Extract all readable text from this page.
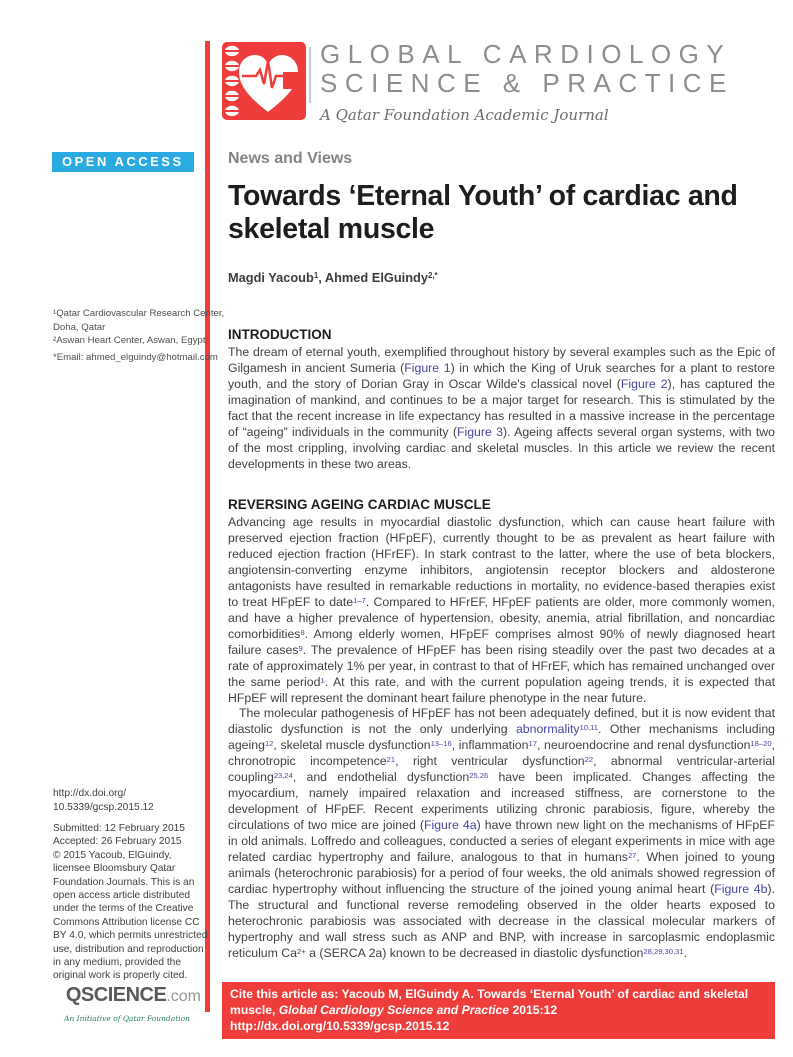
GLOBAL CARDIOLOGY
SCIENCE & PRACTICE
A Qatar Foundation Academic Journal
OPEN ACCESS
¹Qatar Cardiovascular Research Center,
Doha, Qatar
²Aswan Heart Center, Aswan, Egypt
*Email: ahmed_elguindy@hotmail.com
http://dx.doi.org/
10.5339/gcsp.2015.12
Submitted: 12 February 2015
Accepted: 26 February 2015
© 2015 Yacoub, ElGuindy, licensee Bloomsbury Qatar Foundation Journals. This is an open access article distributed under the terms of the Creative Commons Attribution license CC BY 4.0, which permits unrestricted use, distribution and reproduction in any medium, provided the original work is properly cited.
QSCIENCE.com
An Initiative of Qatar Foundation
News and Views
Towards ‘Eternal Youth’ of cardiac and skeletal muscle
Magdi Yacoub$^1$, Ahmed ElGuindy$^{2,*}$
INTRODUCTION

The dream of eternal youth, exemplified throughout history by several examples such as the Epic of Gilgamesh in ancient Sumeria (Figure 1) in which the King of Uruk searches for a plant to restore youth, and the story of Dorian Gray in Oscar Wilde's classical novel (Figure 2), has captured the imagination of mankind, and continues to be a major target for research. This is stimulated by the fact that the recent increase in life expectancy has resulted in a massive increase in the percentage of “ageing” individuals in the community (Figure 3). Ageing affects several organ systems, with two of the most crippling, involving cardiac and skeletal muscles. In this article we review the recent developments in these two areas.

REVERSING AGEING CARDIAC MUSCLE

Advancing age results in myocardial diastolic dysfunction, which can cause heart failure with preserved ejection fraction (HFpEF), currently thought to be as prevalent as heart failure with reduced ejection fraction (HFrEF). In stark contrast to the latter, where the use of beta blockers, angiotensin-converting enzyme inhibitors, angiotensin receptor blockers and aldosterone antagonists have resulted in remarkable reductions in mortality, no evidence-based therapies exist to treat HFpEF to date$^{1-7}$. Compared to HFrEF, HFpEF patients are older, more commonly women, and have a higher prevalence of hypertension, obesity, anemia, atrial fibrillation, and noncardiac comorbidities$^8$. Among elderly women, HFpEF comprises almost 90% of newly diagnosed heart failure cases$^9$. The prevalence of HFpEF has been rising steadily over the past two decades at a rate of approximately 1% per year, in contrast to that of HFrEF, which has remained unchanged over the same period$^1$. At this rate, and with the current population ageing trends, it is expected that HFpEF will represent the dominant heart failure phenotype in the near future.

The molecular pathogenesis of HFpEF has not been adequately defined, but it is now evident that diastolic dysfunction is not the only underlying abnormality$^{10,11}$. Other mechanisms including ageing$^{12}$, skeletal muscle dysfunction$^{13-16}$, inflammation$^{17}$, neuroendocrine and renal dysfunction$^{18-20}$, chronotropic incompetence$^{21}$, right ventricular dysfunction$^{22}$, abnormal ventricular-arterial coupling$^{23,24}$, and endothelial dysfunction$^{25,26}$ have been implicated. Changes affecting the myocardium, namely impaired relaxation and increased stiffness, are cornerstone to the development of HFpEF. Recent experiments utilizing chronic parabiosis, figure, whereby the circulations of two mice are joined (Figure 4a) have thrown new light on the mechanisms of HFpEF in old animals. Loffredo and colleagues, conducted a series of elegant experiments in mice with age related cardiac hypertrophy and failure, analogous to that in humans$^{27}$. When joined to young animals (heterochronic parabiosis) for a period of four weeks, the old animals showed regression of cardiac hypertrophy without influencing the structure of the joined young animal heart (Figure 4b). The structural and functional reverse remodeling observed in the older hearts exposed to heterochronic parabiosis was associated with decrease in the classical molecular markers of hypertrophy and wall stress such as ANP and BNP, with increase in sarcoplasmic endoplasmic reticulum $Ca^{2+}$ a (SERCA 2a) known to be decreased in diastolic dysfunction$^{28,29,30,31}$.

Cite this article as: Yacoub M, ElGuindy A. Towards ‘Eternal Youth’ of cardiac and skeletal muscle, Global Cardiology Science and Practice 2015:12 http://dx.doi.org/10.5339/gcsp.2015.12
